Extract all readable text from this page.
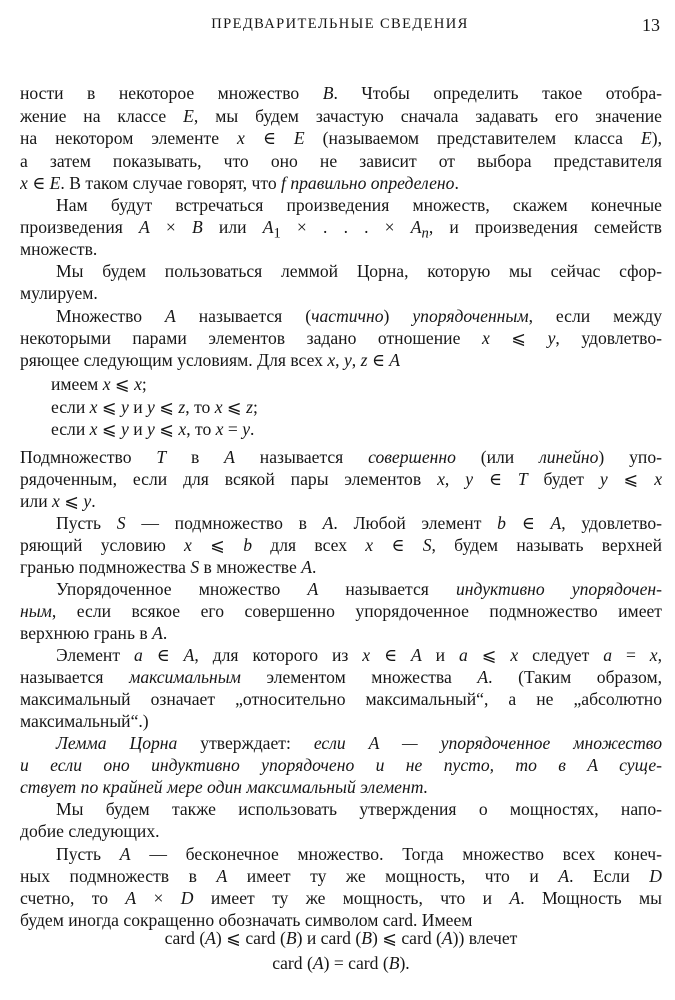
ПРЕДВАРИТЕЛЬНЫЕ СВЕДЕНИЯ	13
ности в некоторое множество B. Чтобы определить такое отобра-
жение на классе E, мы будем зачастую сначала задавать его значение
на некотором элементе x ∈ E (называемом представителем класса E),
а затем показывать, что оно не зависит от выбора представителя
x ∈ E. В таком случае говорят, что f правильно определено.
Нам будут встречаться произведения множеств, скажем конечные
произведения A × B или $A_1$ × . . . × $A_n$, и произведения семейств
множеств.
Мы будем пользоваться леммой Цорна, которую мы сейчас сфор-
мулируем.
Множество A называется (частично) упорядоченным, если между
некоторыми парами элементов задано отношение x ⩽ y, удовлетво-
ряющее следующим условиям. Для всех x, y, z ∈ A
имеем x ⩽ x;
если x ⩽ y и y ⩽ z, то x ⩽ z;
если x ⩽ y и y ⩽ x, то x = y.
Подмножество T в A называется совершенно (или линейно) упо-
рядоченным, если для всякой пары элементов x, y ∈ T будет y ⩽ x
или x ⩽ y.
Пусть S — подмножество в A. Любой элемент b ∈ A, удовлетво-
ряющий условию x ⩽ b для всех x ∈ S, будем называть верхней
гранью подмножества S в множестве A.
Упорядоченное множество A называется индуктивно упорядочен-
ным, если всякое его совершенно упорядоченное подмножество имеет
верхнюю грань в A.
Элемент a ∈ A, для которого из x ∈ A и a ⩽ x следует a = x,
называется максимальным элементом множества A. (Таким образом,
максимальный означает „относительно максимальный“, а не „абсолютно
максимальный“.)
Лемма Цорна утверждает: если A — упорядоченное множество
и если оно индуктивно упорядочено и не пусто, то в A суще-
ствует по крайней мере один максимальный элемент.
Мы будем также использовать утверждения о мощностях, напо-
добие следующих.
Пусть A — бесконечное множество. Тогда множество всех конеч-
ных подмножеств в A имеет ту же мощность, что и A. Если D
счетно, то A × D имеет ту же мощность, что и A. Мощность мы
будем иногда сокращенно обозначать символом card. Имеем
card (A) ⩽ card (B) и card (B) ⩽ card (A)) влечет
card (A) = card (B).
